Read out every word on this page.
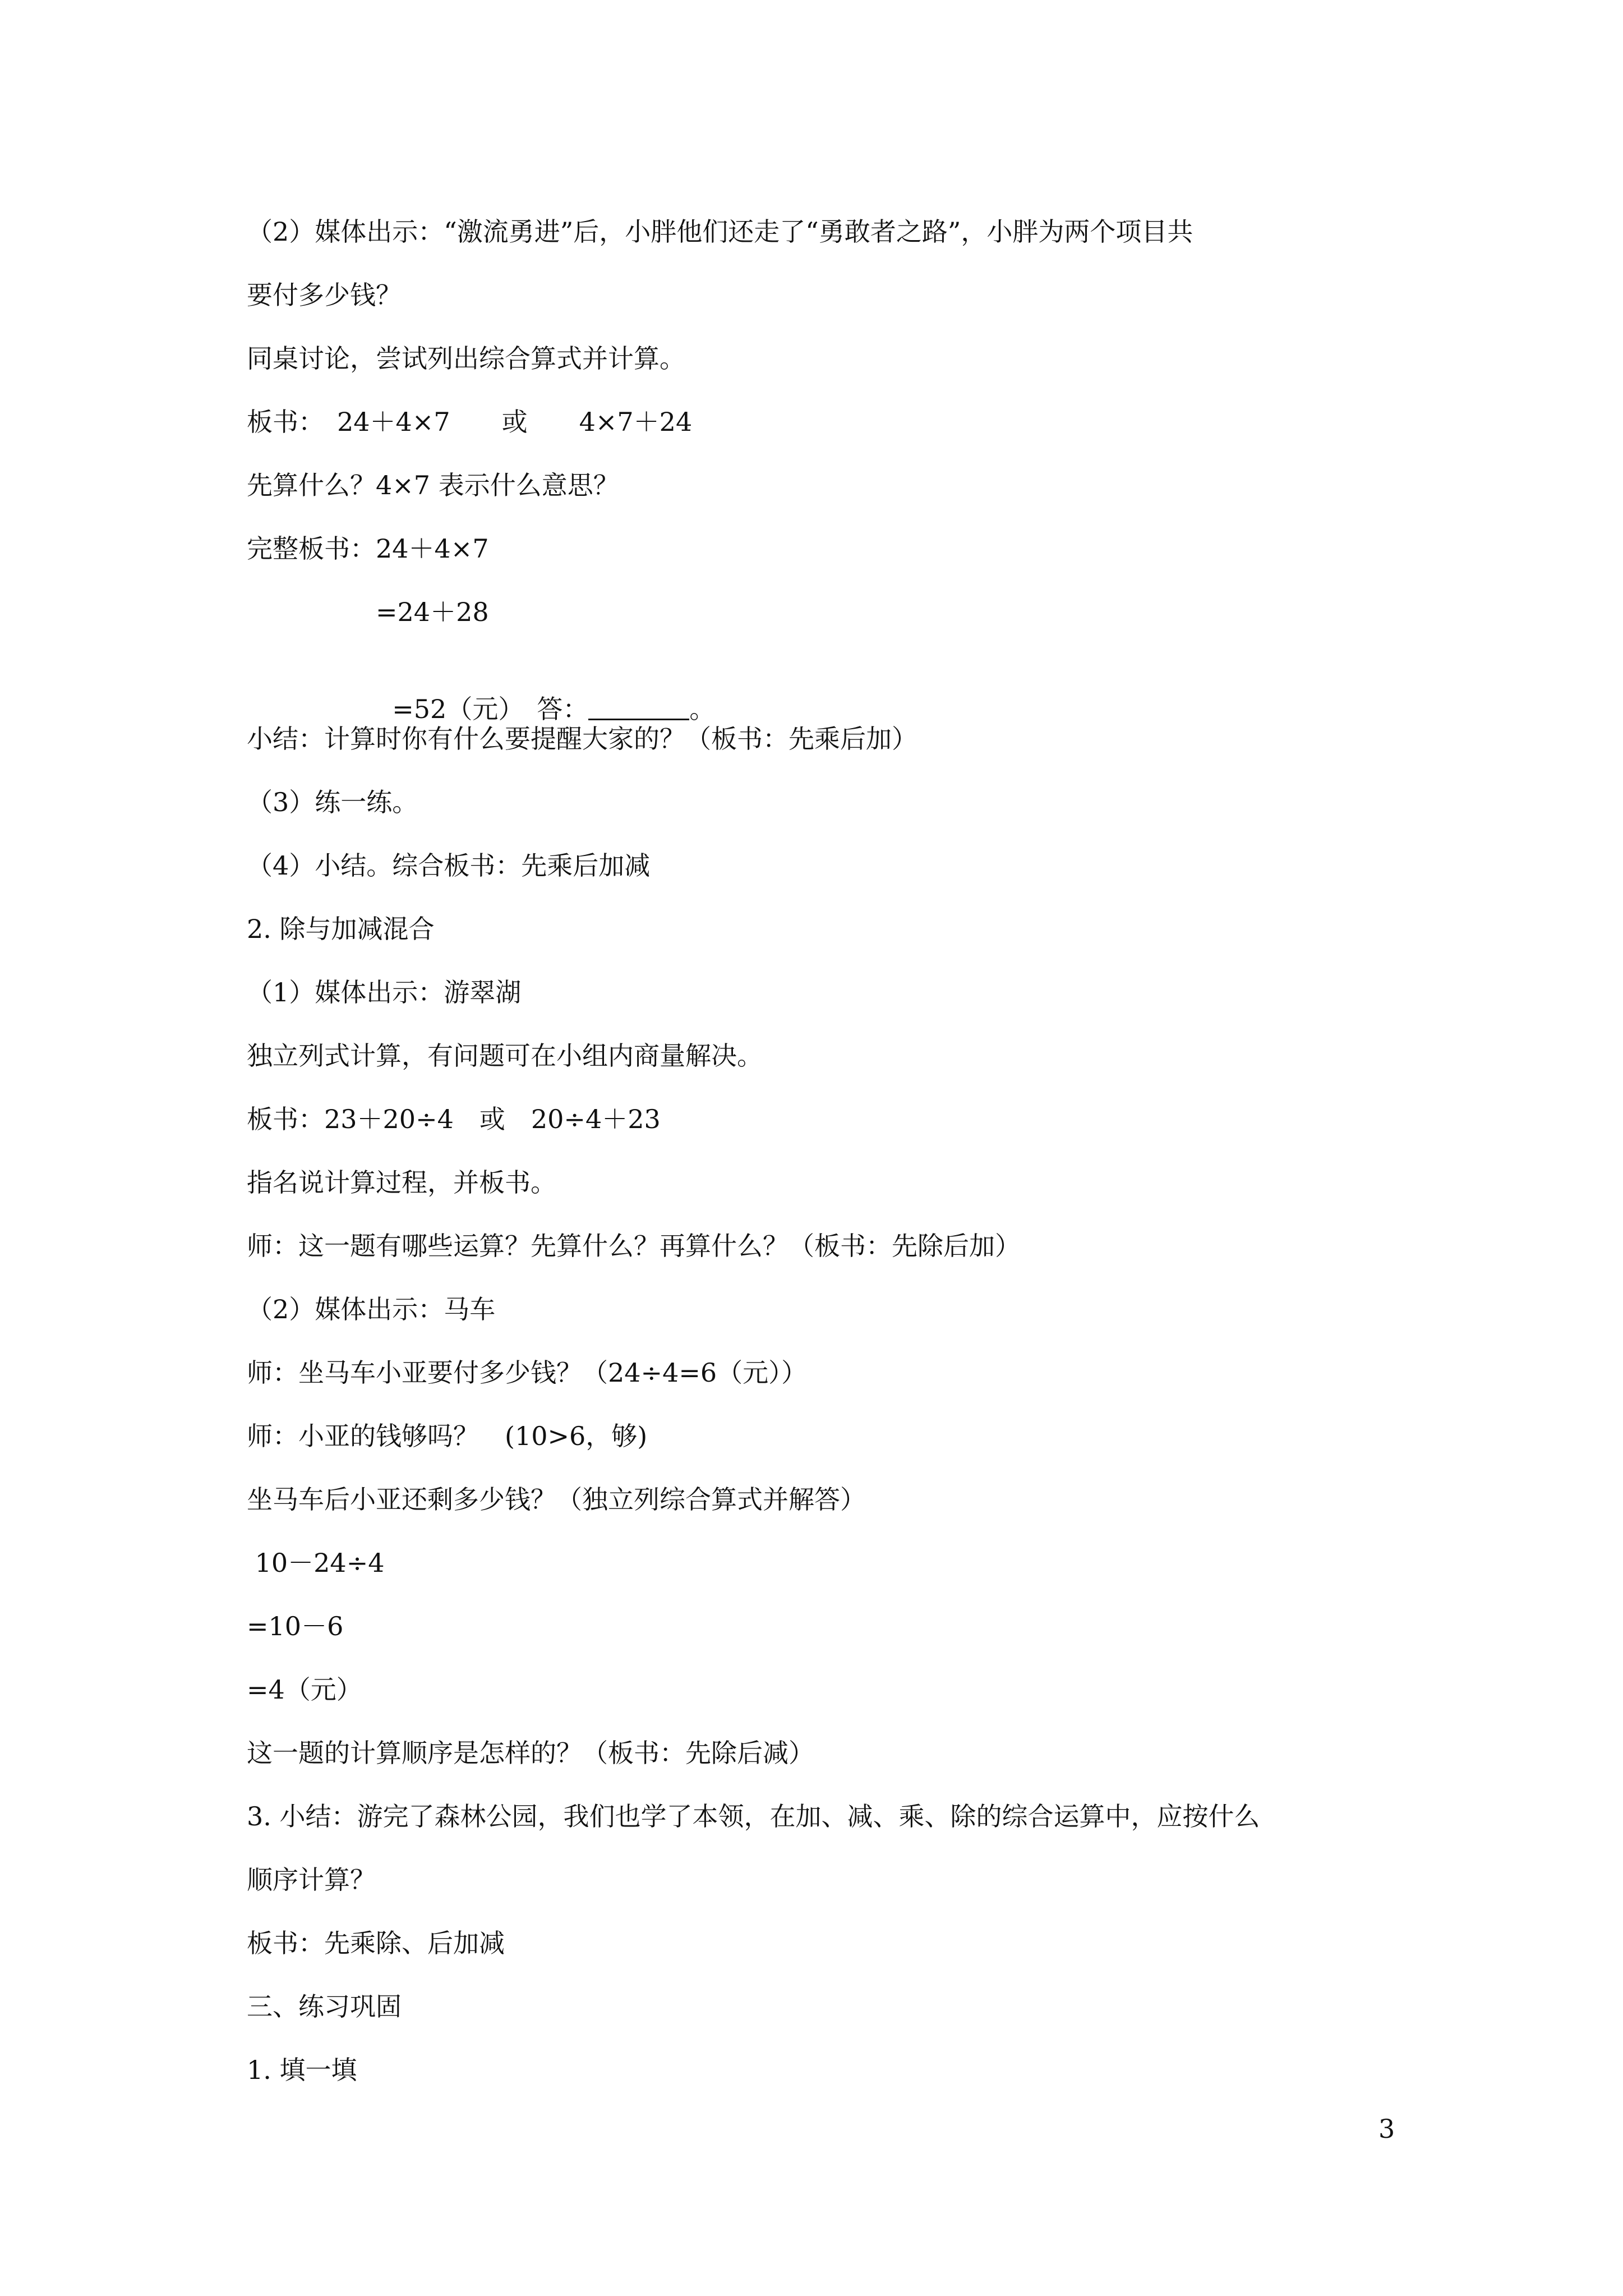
（2）媒体出示：“激流勇进”后，小胖他们还走了“勇敢者之路”，小胖为两个项目共

要付多少钱？

同桌讨论，尝试列出综合算式并计算。

板书：　24＋4×7　　或　　4×7＋24

先算什么？4×7 表示什么意思？

完整板书：24＋4×7

　　　　　=24＋28

　　　　　=52（元）　答：	。

小结：计算时你有什么要提醒大家的？（板书：先乘后加）

（3）练一练。

（4）小结。综合板书：先乘后加减

2. 除与加减混合

（1）媒体出示：游翠湖

独立列式计算，有问题可在小组内商量解决。

板书：23＋20÷4　或　20÷4＋23

指名说计算过程，并板书。

师：这一题有哪些运算？先算什么？再算什么？（板书：先除后加）

（2）媒体出示：马车

师：坐马车小亚要付多少钱？（24÷4=6（元））

师：小亚的钱够吗？　(10>6，够)

坐马车后小亚还剩多少钱？（独立列综合算式并解答）

10－24÷4

=10－6

=4（元）

这一题的计算顺序是怎样的？（板书：先除后减）

3. 小结：游完了森林公园，我们也学了本领，在加、减、乘、除的综合运算中，应按什么

顺序计算？

板书：先乘除、后加减

三、练习巩固

1. 填一填

3
